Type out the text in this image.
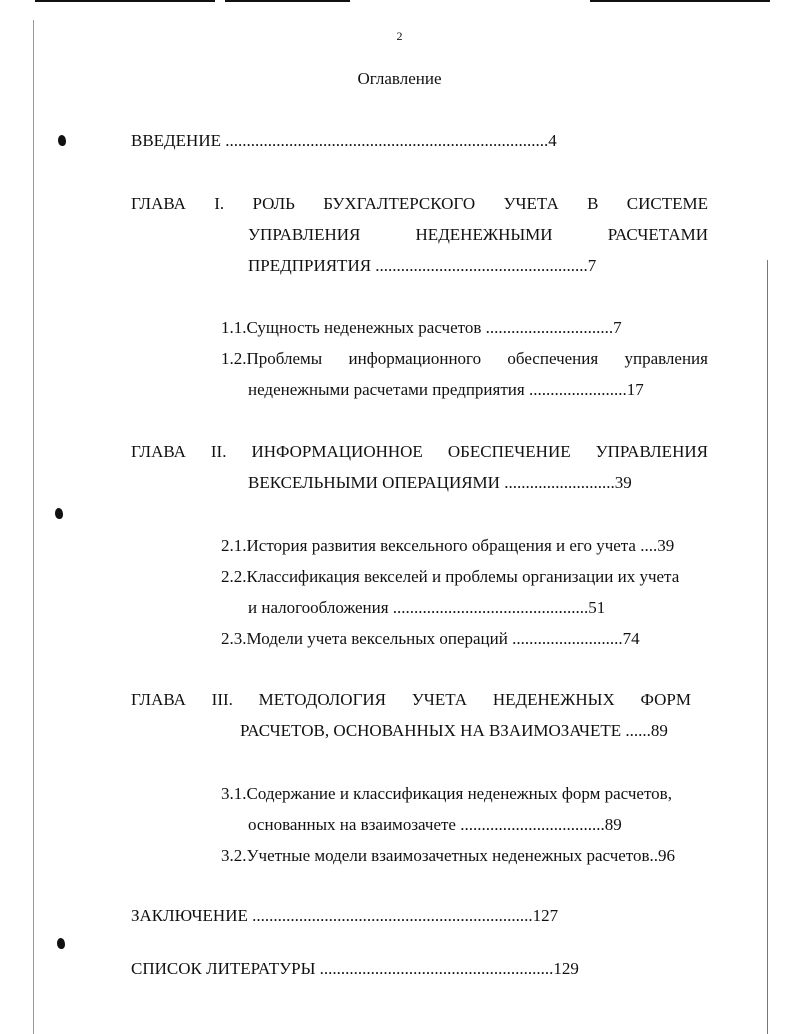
2
Оглавление
ВВЕДЕНИЕ ............................................................................4
ГЛАВА I. РОЛЬ БУХГАЛТЕРСКОГО УЧЕТА В СИСТЕМЕ
УПРАВЛЕНИЯ	НЕДЕНЕЖНЫМИ	РАСЧЕТАМИ
ПРЕДПРИЯТИЯ ..................................................7
1.1.Сущность неденежных расчетов ..............................7
1.2.Проблемы информационного обеспечения управления
неденежными расчетами предприятия .......................17
ГЛАВА II. ИНФОРМАЦИОННОЕ ОБЕСПЕЧЕНИЕ УПРАВЛЕНИЯ
ВЕКСЕЛЬНЫМИ ОПЕРАЦИЯМИ ..........................39
2.1.История развития вексельного обращения и его учета ....39
2.2.Классификация векселей и проблемы организации их учета
и налогообложения ..............................................51
2.3.Модели учета вексельных операций ..........................74
ГЛАВА III. МЕТОДОЛОГИЯ УЧЕТА НЕДЕНЕЖНЫХ ФОРМ
РАСЧЕТОВ, ОСНОВАННЫХ НА ВЗАИМОЗАЧЕТЕ ......89
3.1.Содержание и классификация неденежных форм расчетов,
основанных на взаимозачете ..................................89
3.2.Учетные модели взаимозачетных неденежных расчетов..96
ЗАКЛЮЧЕНИЕ ..................................................................127
СПИСОК ЛИТЕРАТУРЫ .......................................................129
